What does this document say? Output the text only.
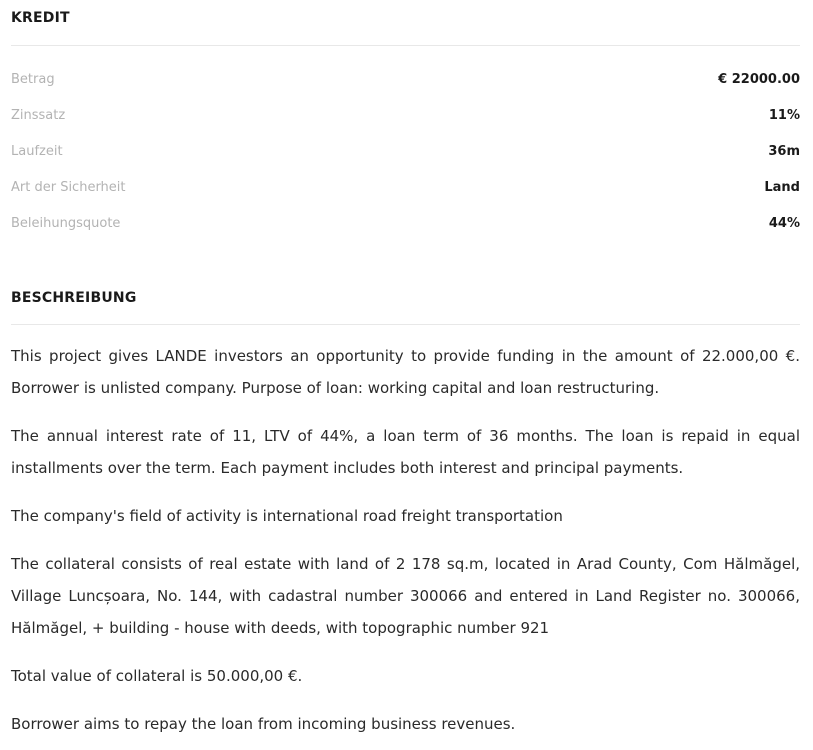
KREDIT
Betrag	€ 22000.00
Zinssatz	11%
Laufzeit	36m
Art der Sicherheit	Land
Beleihungsquote	44%
BESCHREIBUNG

This project gives LANDE investors an opportunity to provide funding in the amount of 22.000,00 €. Borrower is unlisted company. Purpose of loan: working capital and loan restructuring.

The annual interest rate of 11, LTV of 44%, a loan term of 36 months. The loan is repaid in equal installments over the term. Each payment includes both interest and principal payments.

The company's field of activity is international road freight transportation

The collateral consists of real estate with land of 2 178 sq.m, located in Arad County, Com Hălmăgel, Village Luncșoara, No. 144, with cadastral number 300066 and entered in Land Register no. 300066, Hălmăgel, + building - house with deeds, with topographic number 921

Total value of collateral is 50.000,00 €.

Borrower aims to repay the loan from incoming business revenues.
